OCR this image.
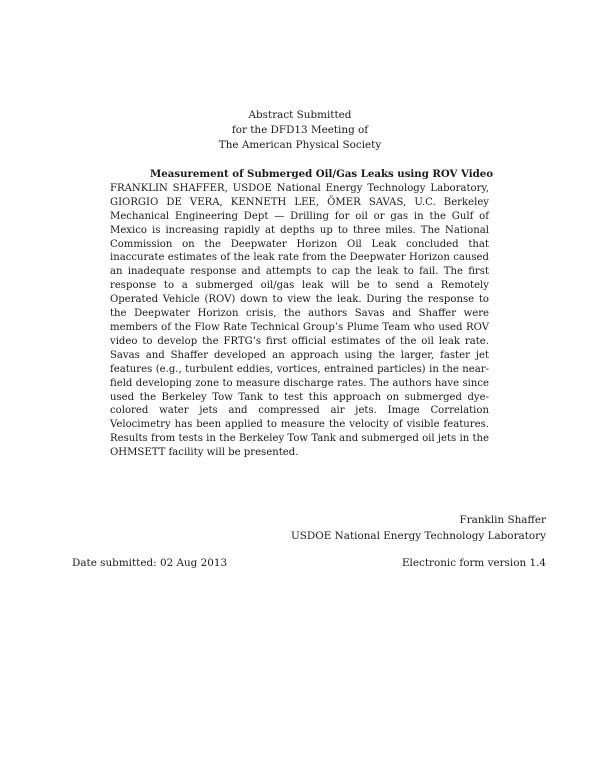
Abstract Submitted
for the DFD13 Meeting of
The American Physical Society
Measurement of Submerged Oil/Gas Leaks using ROV Video
FRANKLIN SHAFFER, USDOE National Energy Technology Laboratory, GIORGIO DE VERA, KENNETH LEE, ÖMER SAVAS, U.C. Berkeley Mechanical Engineering Dept — Drilling for oil or gas in the Gulf of Mexico is increasing rapidly at depths up to three miles. The National Commission on the Deepwater Horizon Oil Leak concluded that inaccurate estimates of the leak rate from the Deepwater Horizon caused an inadequate response and attempts to cap the leak to fail. The first response to a submerged oil/gas leak will be to send a Remotely Operated Vehicle (ROV) down to view the leak. During the response to the Deepwater Horizon crisis, the authors Savas and Shaffer were members of the Flow Rate Technical Group’s Plume Team who used ROV video to develop the FRTG’s first official estimates of the oil leak rate. Savas and Shaffer developed an approach using the larger, faster jet features (e.g., turbulent eddies, vortices, entrained particles) in the near-field developing zone to measure discharge rates. The authors have since used the Berkeley Tow Tank to test this approach on submerged dye-colored water jets and compressed air jets. Image Correlation Velocimetry has been applied to measure the velocity of visible features. Results from tests in the Berkeley Tow Tank and submerged oil jets in the OHMSETT facility will be presented.
Franklin Shaffer
USDOE National Energy Technology Laboratory
Date submitted: 02 Aug 2013	Electronic form version 1.4
